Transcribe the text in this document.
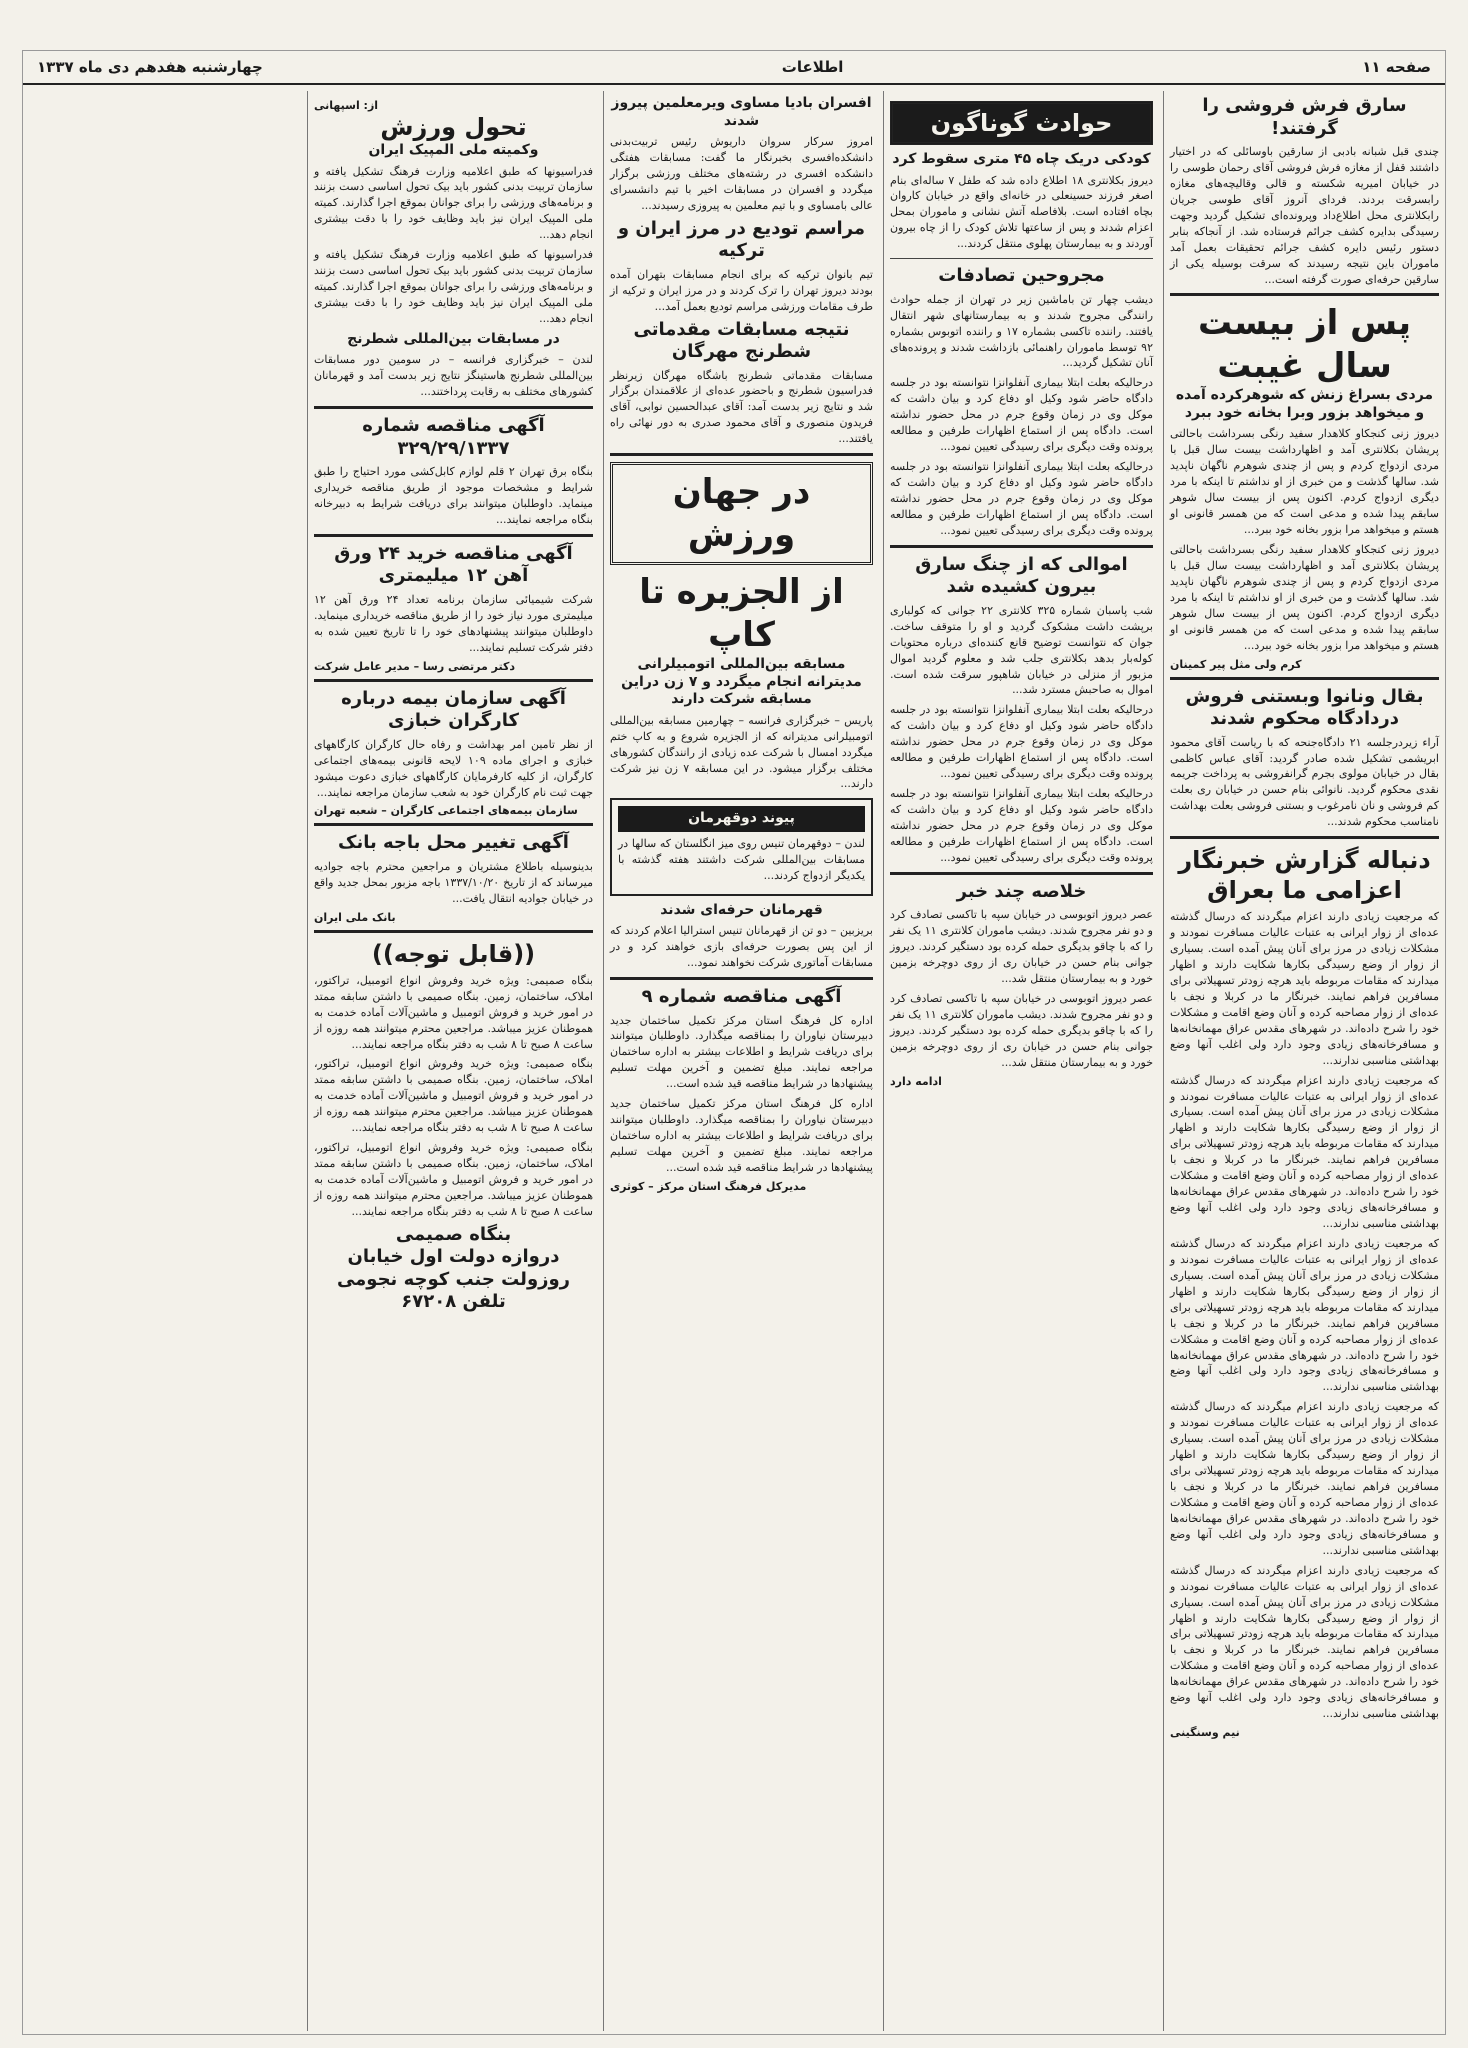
صفحه ۱۱
اطلاعات
چهارشنبه هفدهم دی ماه ۱۳۳۷
سارق فرش فروشی را گرفتند!

چندی قبل شبانه بادبی از سارقین باوسائلی که در اختیار داشتند قفل از مغازه فرش فروشی آقای رحمان طوسی را در خیابان امیریه شکسته و قالی وقالیچه‌های مغازه رابسرقت بردند. فردای آنروز آقای طوسی جریان رابکلانتری محل اطلاع‌داد وپرونده‌ای تشکیل گردید وجهت رسیدگی بدایره کشف جرائم فرستاده شد. از آنجاکه بنابر دستور رئیس دایره کشف جرائم تحقیقات بعمل آمد ماموران باین نتیجه رسیدند که سرقت بوسیله یکی از سارقین حرفه‌ای صورت گرفته است...

پس از بیست سال غیبت
مردی بسراغ زنش که شوهرکرده آمده و میخواهد بزور وبرا بخانه خود ببرد

دیروز زنی کنجکاو کلاهدار سفید رنگی بسرداشت باحالتی پریشان بکلانتری آمد و اظهارداشت بیست سال قبل با مردی ازدواج کردم و پس از چندی شوهرم ناگهان ناپدید شد. سالها گذشت و من خبری از او نداشتم تا اینکه با مرد دیگری ازدواج کردم. اکنون پس از بیست سال شوهر سابقم پیدا شده و مدعی است که من همسر قانونی او هستم و میخواهد مرا بزور بخانه خود ببرد...

دیروز زنی کنجکاو کلاهدار سفید رنگی بسرداشت باحالتی پریشان بکلانتری آمد و اظهارداشت بیست سال قبل با مردی ازدواج کردم و پس از چندی شوهرم ناگهان ناپدید شد. سالها گذشت و من خبری از او نداشتم تا اینکه با مرد دیگری ازدواج کردم. اکنون پس از بیست سال شوهر سابقم پیدا شده و مدعی است که من همسر قانونی او هستم و میخواهد مرا بزور بخانه خود ببرد...

کرم ولی مثل پیر کمینان
بقال ونانوا وبستنی فروش دردادگاه محکوم شدند

آراء زیردرجلسه ۲۱ دادگاه‌جنحه که با ریاست آقای محمود ابریشمی تشکیل شده صادر گردید: آقای عباس کاظمی بقال در خیابان مولوی بجرم گرانفروشی به پرداخت جریمه نقدی محکوم گردید. نانوائی بنام حسن در خیابان ری بعلت کم فروشی و نان نامرغوب و بستنی فروشی بعلت بهداشت نامناسب محکوم شدند...

دنباله گزارش خبرنگار اعزامی ما بعراق

که مرجعیت زیادی دارند اعزام میگردند که درسال گذشته عده‌ای از زوار ایرانی به عتبات عالیات مسافرت نمودند و مشکلات زیادی در مرز برای آنان پیش آمده است. بسیاری از زوار از وضع رسیدگی بکارها شکایت دارند و اظهار میدارند که مقامات مربوطه باید هرچه زودتر تسهیلاتی برای مسافرین فراهم نمایند. خبرنگار ما در کربلا و نجف با عده‌ای از زوار مصاحبه کرده و آنان وضع اقامت و مشکلات خود را شرح داده‌اند. در شهرهای مقدس عراق مهمانخانه‌ها و مسافرخانه‌های زیادی وجود دارد ولی اغلب آنها وضع بهداشتی مناسبی ندارند...

که مرجعیت زیادی دارند اعزام میگردند که درسال گذشته عده‌ای از زوار ایرانی به عتبات عالیات مسافرت نمودند و مشکلات زیادی در مرز برای آنان پیش آمده است. بسیاری از زوار از وضع رسیدگی بکارها شکایت دارند و اظهار میدارند که مقامات مربوطه باید هرچه زودتر تسهیلاتی برای مسافرین فراهم نمایند. خبرنگار ما در کربلا و نجف با عده‌ای از زوار مصاحبه کرده و آنان وضع اقامت و مشکلات خود را شرح داده‌اند. در شهرهای مقدس عراق مهمانخانه‌ها و مسافرخانه‌های زیادی وجود دارد ولی اغلب آنها وضع بهداشتی مناسبی ندارند...

که مرجعیت زیادی دارند اعزام میگردند که درسال گذشته عده‌ای از زوار ایرانی به عتبات عالیات مسافرت نمودند و مشکلات زیادی در مرز برای آنان پیش آمده است. بسیاری از زوار از وضع رسیدگی بکارها شکایت دارند و اظهار میدارند که مقامات مربوطه باید هرچه زودتر تسهیلاتی برای مسافرین فراهم نمایند. خبرنگار ما در کربلا و نجف با عده‌ای از زوار مصاحبه کرده و آنان وضع اقامت و مشکلات خود را شرح داده‌اند. در شهرهای مقدس عراق مهمانخانه‌ها و مسافرخانه‌های زیادی وجود دارد ولی اغلب آنها وضع بهداشتی مناسبی ندارند...

که مرجعیت زیادی دارند اعزام میگردند که درسال گذشته عده‌ای از زوار ایرانی به عتبات عالیات مسافرت نمودند و مشکلات زیادی در مرز برای آنان پیش آمده است. بسیاری از زوار از وضع رسیدگی بکارها شکایت دارند و اظهار میدارند که مقامات مربوطه باید هرچه زودتر تسهیلاتی برای مسافرین فراهم نمایند. خبرنگار ما در کربلا و نجف با عده‌ای از زوار مصاحبه کرده و آنان وضع اقامت و مشکلات خود را شرح داده‌اند. در شهرهای مقدس عراق مهمانخانه‌ها و مسافرخانه‌های زیادی وجود دارد ولی اغلب آنها وضع بهداشتی مناسبی ندارند...

که مرجعیت زیادی دارند اعزام میگردند که درسال گذشته عده‌ای از زوار ایرانی به عتبات عالیات مسافرت نمودند و مشکلات زیادی در مرز برای آنان پیش آمده است. بسیاری از زوار از وضع رسیدگی بکارها شکایت دارند و اظهار میدارند که مقامات مربوطه باید هرچه زودتر تسهیلاتی برای مسافرین فراهم نمایند. خبرنگار ما در کربلا و نجف با عده‌ای از زوار مصاحبه کرده و آنان وضع اقامت و مشکلات خود را شرح داده‌اند. در شهرهای مقدس عراق مهمانخانه‌ها و مسافرخانه‌های زیادی وجود دارد ولی اغلب آنها وضع بهداشتی مناسبی ندارند...

نیم وسنگینی
حوادث گوناگون
کودکی دریک چاه ۴۵ متری سقوط کرد

دیروز بکلانتری ۱۸ اطلاع داده شد که طفل ۷ ساله‌ای بنام اصغر فرزند حسینعلی در خانه‌ای واقع در خیابان کاروان بچاه افتاده است. بلافاصله آتش نشانی و ماموران بمحل اعزام شدند و پس از ساعتها تلاش کودک را از چاه بیرون آوردند و به بیمارستان پهلوی منتقل کردند...

مجروحین تصادفات

دیشب چهار تن باماشین زیر در تهران از جمله حوادث رانندگی مجروح شدند و به بیمارستانهای شهر انتقال یافتند. راننده تاکسی بشماره ۱۷ و راننده اتوبوس بشماره ۹۲ توسط ماموران راهنمائی بازداشت شدند و پرونده‌های آنان تشکیل گردید...

درحالیکه بعلت ابتلا بیماری آنفلوانزا نتوانسته بود در جلسه دادگاه حاضر شود وکیل او دفاع کرد و بیان داشت که موکل وی در زمان وقوع جرم در محل حضور نداشته است. دادگاه پس از استماع اظهارات طرفین و مطالعه پرونده وقت دیگری برای رسیدگی تعیین نمود...

درحالیکه بعلت ابتلا بیماری آنفلوانزا نتوانسته بود در جلسه دادگاه حاضر شود وکیل او دفاع کرد و بیان داشت که موکل وی در زمان وقوع جرم در محل حضور نداشته است. دادگاه پس از استماع اظهارات طرفین و مطالعه پرونده وقت دیگری برای رسیدگی تعیین نمود...

اموالی که از چنگ سارق بیرون کشیده شد

شب پاسبان شماره ۳۲۵ کلانتری ۲۲ جوانی که کولباری برپشت داشت مشکوک گردید و او را متوقف ساخت. جوان که نتوانست توضیح قانع کننده‌ای درباره محتویات کوله‌بار بدهد بکلانتری جلب شد و معلوم گردید اموال مزبور از منزلی در خیابان شاهپور سرقت شده است. اموال به صاحبش مسترد شد...

درحالیکه بعلت ابتلا بیماری آنفلوانزا نتوانسته بود در جلسه دادگاه حاضر شود وکیل او دفاع کرد و بیان داشت که موکل وی در زمان وقوع جرم در محل حضور نداشته است. دادگاه پس از استماع اظهارات طرفین و مطالعه پرونده وقت دیگری برای رسیدگی تعیین نمود...

درحالیکه بعلت ابتلا بیماری آنفلوانزا نتوانسته بود در جلسه دادگاه حاضر شود وکیل او دفاع کرد و بیان داشت که موکل وی در زمان وقوع جرم در محل حضور نداشته است. دادگاه پس از استماع اظهارات طرفین و مطالعه پرونده وقت دیگری برای رسیدگی تعیین نمود...

خلاصه چند خبر

عصر دیروز اتوبوسی در خیابان سپه با تاکسی تصادف کرد و دو نفر مجروح شدند. دیشب ماموران کلانتری ۱۱ یک نفر را که با چاقو بدیگری حمله کرده بود دستگیر کردند. دیروز جوانی بنام حسن در خیابان ری از روی دوچرخه بزمین خورد و به بیمارستان منتقل شد...

عصر دیروز اتوبوسی در خیابان سپه با تاکسی تصادف کرد و دو نفر مجروح شدند. دیشب ماموران کلانتری ۱۱ یک نفر را که با چاقو بدیگری حمله کرده بود دستگیر کردند. دیروز جوانی بنام حسن در خیابان ری از روی دوچرخه بزمین خورد و به بیمارستان منتقل شد...

ادامه دارد
افسران بادیا مساوی ویرمعلمین پیروز شدند

امروز سرکار سروان داریوش رئیس تربیت‌بدنی دانشکده‌افسری بخبرنگار ما گفت: مسابقات هفتگی دانشکده افسری در رشته‌های مختلف ورزشی برگزار میگردد و افسران در مسابقات اخیر با تیم دانشسرای عالی بامساوی و با تیم معلمین به پیروزی رسیدند...

مراسم تودیع در مرز ایران و ترکیه

تیم بانوان ترکیه که برای انجام مسابقات بتهران آمده بودند دیروز تهران را ترک کردند و در مرز ایران و ترکیه از طرف مقامات ورزشی مراسم تودیع بعمل آمد...

نتیجه مسابقات مقدماتی شطرنج مهرگان

مسابقات مقدماتی شطرنج باشگاه مهرگان زیرنظر فدراسیون شطرنج و باحضور عده‌ای از علاقمندان برگزار شد و نتایج زیر بدست آمد: آقای عبدالحسین نوابی، آقای فریدون منصوری و آقای محمود صدری به دور نهائی راه یافتند...

در جهان ورزش
از الجزیره تا کاپ
مسابقه بین‌المللی اتومبیلرانی مدیترانه انجام میگردد و ۷ زن دراین مسابقه شرکت دارند

پاریس – خبرگزاری فرانسه – چهارمین مسابقه بین‌المللی اتومبیلرانی مدیترانه که از الجزیره شروع و به کاپ ختم میگردد امسال با شرکت عده زیادی از رانندگان کشورهای مختلف برگزار میشود. در این مسابقه ۷ زن نیز شرکت دارند...

پیوند دوقهرمان

لندن – دوقهرمان تنیس روی میز انگلستان که سالها در مسابقات بین‌المللی شرکت داشتند هفته گذشته با یکدیگر ازدواج کردند...

قهرمانان حرفه‌ای شدند

بریزبین – دو تن از قهرمانان تنیس استرالیا اعلام کردند که از این پس بصورت حرفه‌ای بازی خواهند کرد و در مسابقات آماتوری شرکت نخواهند نمود...

آگهی مناقصه شماره ۹

اداره کل فرهنگ استان مرکز تکمیل ساختمان جدید دبیرستان نیاوران را بمناقصه میگذارد. داوطلبان میتوانند برای دریافت شرایط و اطلاعات بیشتر به اداره ساختمان مراجعه نمایند. مبلغ تضمین و آخرین مهلت تسلیم پیشنهادها در شرایط مناقصه قید شده است...

اداره کل فرهنگ استان مرکز تکمیل ساختمان جدید دبیرستان نیاوران را بمناقصه میگذارد. داوطلبان میتوانند برای دریافت شرایط و اطلاعات بیشتر به اداره ساختمان مراجعه نمایند. مبلغ تضمین و آخرین مهلت تسلیم پیشنهادها در شرایط مناقصه قید شده است...

مدیرکل فرهنگ استان مرکز – کوثری
از: اسپهانی
تحول ورزش
وکمیته ملی المپیک ایران

فدراسیونها که طبق اعلامیه وزارت فرهنگ تشکیل یافته و سازمان تربیت بدنی کشور باید بیک تحول اساسی دست بزنند و برنامه‌های ورزشی را برای جوانان بموقع اجرا گذارند. کمیته ملی المپیک ایران نیز باید وظایف خود را با دقت بیشتری انجام دهد...

فدراسیونها که طبق اعلامیه وزارت فرهنگ تشکیل یافته و سازمان تربیت بدنی کشور باید بیک تحول اساسی دست بزنند و برنامه‌های ورزشی را برای جوانان بموقع اجرا گذارند. کمیته ملی المپیک ایران نیز باید وظایف خود را با دقت بیشتری انجام دهد...

در مسابقات بین‌المللی شطرنج

لندن – خبرگزاری فرانسه – در سومین دور مسابقات بین‌المللی شطرنج هاستینگز نتایج زیر بدست آمد و قهرمانان کشورهای مختلف به رقابت پرداختند...

آگهی مناقصه شماره ۳۲۹/۲۹/۱۳۳۷

بنگاه برق تهران ۲ قلم لوازم کابل‌کشی مورد احتیاج را طبق شرایط و مشخصات موجود از طریق مناقصه خریداری مینماید. داوطلبان میتوانند برای دریافت شرایط به دبیرخانه بنگاه مراجعه نمایند...

آگهی مناقصه خرید ۲۴ ورق آهن ۱۲ میلیمتری

شرکت شیمیائی سازمان برنامه تعداد ۲۴ ورق آهن ۱۲ میلیمتری مورد نیاز خود را از طریق مناقصه خریداری مینماید. داوطلبان میتوانند پیشنهادهای خود را تا تاریخ تعیین شده به دفتر شرکت تسلیم نمایند...

دکتر مرتضی رسا – مدیر عامل شرکت
آگهی سازمان بیمه درباره کارگران خبازی

از نظر تامین امر بهداشت و رفاه حال کارگران کارگاههای خبازی و اجرای ماده ۱۰۹ لایحه قانونی بیمه‌های اجتماعی کارگران، از کلیه کارفرمایان کارگاههای خبازی دعوت میشود جهت ثبت نام کارگران خود به شعب سازمان مراجعه نمایند...

سازمان بیمه‌های اجتماعی کارگران – شعبه تهران
آگهی تغییر محل باجه بانک

بدینوسیله باطلاع مشتریان و مراجعین محترم باجه جوادیه میرساند که از تاریخ ۱۳۳۷/۱۰/۲۰ باجه مزبور بمحل جدید واقع در خیابان جوادیه انتقال یافت...

بانک ملی ایران
((قابل توجه))

بنگاه صمیمی: ویژه خرید وفروش انواع اتومبیل، تراکتور، املاک، ساختمان، زمین. بنگاه صمیمی با داشتن سابقه ممتد در امور خرید و فروش اتومبیل و ماشین‌آلات آماده خدمت به هموطنان عزیز میباشد. مراجعین محترم میتوانند همه روزه از ساعت ۸ صبح تا ۸ شب به دفتر بنگاه مراجعه نمایند...

بنگاه صمیمی: ویژه خرید وفروش انواع اتومبیل، تراکتور، املاک، ساختمان، زمین. بنگاه صمیمی با داشتن سابقه ممتد در امور خرید و فروش اتومبیل و ماشین‌آلات آماده خدمت به هموطنان عزیز میباشد. مراجعین محترم میتوانند همه روزه از ساعت ۸ صبح تا ۸ شب به دفتر بنگاه مراجعه نمایند...

بنگاه صمیمی: ویژه خرید وفروش انواع اتومبیل، تراکتور، املاک، ساختمان، زمین. بنگاه صمیمی با داشتن سابقه ممتد در امور خرید و فروش اتومبیل و ماشین‌آلات آماده خدمت به هموطنان عزیز میباشد. مراجعین محترم میتوانند همه روزه از ساعت ۸ صبح تا ۸ شب به دفتر بنگاه مراجعه نمایند...

بنگاه صمیمی
دروازه دولت اول خیابان روزولت جنب کوچه نجومی تلفن ۶۷۲۰۸
